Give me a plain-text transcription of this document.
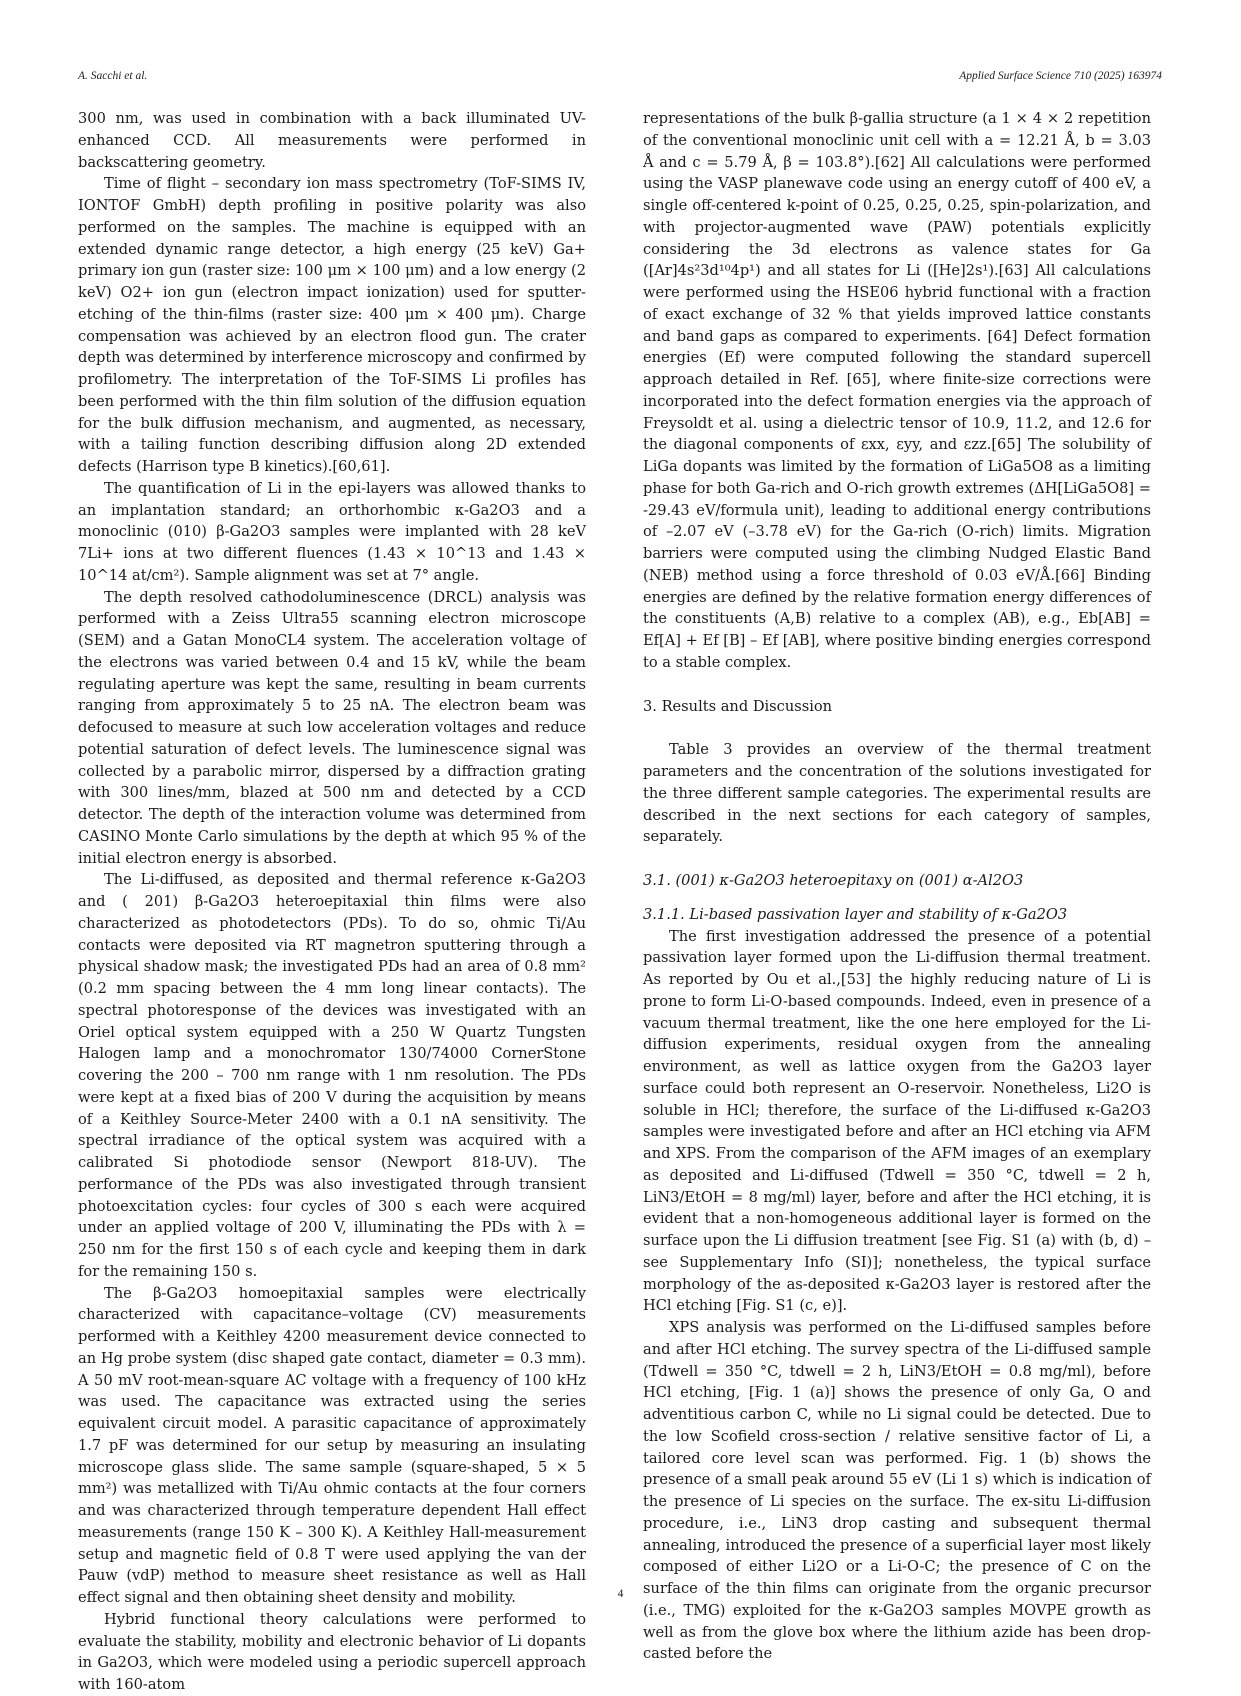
A. Sacchi et al.	Applied Surface Science 710 (2025) 163974

300 nm, was used in combination with a back illuminated UV-enhanced CCD. All measurements were performed in backscattering geometry.

Time of flight – secondary ion mass spectrometry (ToF-SIMS IV, IONTOF GmbH) depth profiling in positive polarity was also performed on the samples. The machine is equipped with an extended dynamic range detector, a high energy (25 keV) Ga+ primary ion gun (raster size: 100 μm × 100 μm) and a low energy (2 keV) O2+ ion gun (electron impact ionization) used for sputter-etching of the thin-films (raster size: 400 μm × 400 μm). Charge compensation was achieved by an electron flood gun. The crater depth was determined by interference microscopy and confirmed by profilometry. The interpretation of the ToF-SIMS Li profiles has been performed with the thin film solution of the diffusion equation for the bulk diffusion mechanism, and augmented, as necessary, with a tailing function describing diffusion along 2D extended defects (Harrison type B kinetics).[60,61].

The quantification of Li in the epi-layers was allowed thanks to an implantation standard; an orthorhombic κ-Ga2O3 and a monoclinic (010) β-Ga2O3 samples were implanted with 28 keV 7Li+ ions at two different fluences (1.43 × 10^13 and 1.43 × 10^14 at/cm²). Sample alignment was set at 7° angle.

The depth resolved cathodoluminescence (DRCL) analysis was performed with a Zeiss Ultra55 scanning electron microscope (SEM) and a Gatan MonoCL4 system. The acceleration voltage of the electrons was varied between 0.4 and 15 kV, while the beam regulating aperture was kept the same, resulting in beam currents ranging from approximately 5 to 25 nA. The electron beam was defocused to measure at such low acceleration voltages and reduce potential saturation of defect levels. The luminescence signal was collected by a parabolic mirror, dispersed by a diffraction grating with 300 lines/mm, blazed at 500 nm and detected by a CCD detector. The depth of the interaction volume was determined from CASINO Monte Carlo simulations by the depth at which 95 % of the initial electron energy is absorbed.

The Li-diffused, as deposited and thermal reference κ-Ga2O3 and ( 201) β-Ga2O3 heteroepitaxial thin films were also characterized as photodetectors (PDs). To do so, ohmic Ti/Au contacts were deposited via RT magnetron sputtering through a physical shadow mask; the investigated PDs had an area of 0.8 mm² (0.2 mm spacing between the 4 mm long linear contacts). The spectral photoresponse of the devices was investigated with an Oriel optical system equipped with a 250 W Quartz Tungsten Halogen lamp and a monochromator 130/74000 CornerStone covering the 200 – 700 nm range with 1 nm resolution. The PDs were kept at a fixed bias of 200 V during the acquisition by means of a Keithley Source-Meter 2400 with a 0.1 nA sensitivity. The spectral irradiance of the optical system was acquired with a calibrated Si photodiode sensor (Newport 818-UV). The performance of the PDs was also investigated through transient photoexcitation cycles: four cycles of 300 s each were acquired under an applied voltage of 200 V, illuminating the PDs with λ = 250 nm for the first 150 s of each cycle and keeping them in dark for the remaining 150 s.

The β-Ga2O3 homoepitaxial samples were electrically characterized with capacitance–voltage (CV) measurements performed with a Keithley 4200 measurement device connected to an Hg probe system (disc shaped gate contact, diameter = 0.3 mm). A 50 mV root-mean-square AC voltage with a frequency of 100 kHz was used. The capacitance was extracted using the series equivalent circuit model. A parasitic capacitance of approximately 1.7 pF was determined for our setup by measuring an insulating microscope glass slide. The same sample (square-shaped, 5 × 5 mm²) was metallized with Ti/Au ohmic contacts at the four corners and was characterized through temperature dependent Hall effect measurements (range 150 K – 300 K). A Keithley Hall-measurement setup and magnetic field of 0.8 T were used applying the van der Pauw (vdP) method to measure sheet resistance as well as Hall effect signal and then obtaining sheet density and mobility.

Hybrid functional theory calculations were performed to evaluate the stability, mobility and electronic behavior of Li dopants in Ga2O3, which were modeled using a periodic supercell approach with 160-atom

representations of the bulk β-gallia structure (a 1 × 4 × 2 repetition of the conventional monoclinic unit cell with a = 12.21 Å, b = 3.03 Å and c = 5.79 Å, β = 103.8°).[62] All calculations were performed using the VASP planewave code using an energy cutoff of 400 eV, a single off-centered k-point of 0.25, 0.25, 0.25, spin-polarization, and with projector-augmented wave (PAW) potentials explicitly considering the 3d electrons as valence states for Ga ([Ar]4s²3d¹⁰4p¹) and all states for Li ([He]2s¹).[63] All calculations were performed using the HSE06 hybrid functional with a fraction of exact exchange of 32 % that yields improved lattice constants and band gaps as compared to experiments. [64] Defect formation energies (Ef) were computed following the standard supercell approach detailed in Ref. [65], where finite-size corrections were incorporated into the defect formation energies via the approach of Freysoldt et al. using a dielectric tensor of 10.9, 11.2, and 12.6 for the diagonal components of εxx, εyy, and εzz.[65] The solubility of LiGa dopants was limited by the formation of LiGa5O8 as a limiting phase for both Ga-rich and O-rich growth extremes (ΔH[LiGa5O8] = -29.43 eV/formula unit), leading to additional energy contributions of –2.07 eV (–3.78 eV) for the Ga-rich (O-rich) limits. Migration barriers were computed using the climbing Nudged Elastic Band (NEB) method using a force threshold of 0.03 eV/Å.[66] Binding energies are defined by the relative formation energy differences of the constituents (A,B) relative to a complex (AB), e.g., Eb[AB] = Ef[A] + Ef [B] – Ef [AB], where positive binding energies correspond to a stable complex.

3. Results and Discussion

Table 3 provides an overview of the thermal treatment parameters and the concentration of the solutions investigated for the three different sample categories. The experimental results are described in the next sections for each category of samples, separately.

3.1. (001) κ-Ga2O3 heteroepitaxy on (001) α-Al2O3
3.1.1. Li-based passivation layer and stability of κ-Ga2O3

The first investigation addressed the presence of a potential passivation layer formed upon the Li-diffusion thermal treatment. As reported by Ou et al.,[53] the highly reducing nature of Li is prone to form Li-O-based compounds. Indeed, even in presence of a vacuum thermal treatment, like the one here employed for the Li-diffusion experiments, residual oxygen from the annealing environment, as well as lattice oxygen from the Ga2O3 layer surface could both represent an O-reservoir. Nonetheless, Li2O is soluble in HCl; therefore, the surface of the Li-diffused κ-Ga2O3 samples were investigated before and after an HCl etching via AFM and XPS. From the comparison of the AFM images of an exemplary as deposited and Li-diffused (Tdwell = 350 °C, tdwell = 2 h, LiN3/EtOH = 8 mg/ml) layer, before and after the HCl etching, it is evident that a non-homogeneous additional layer is formed on the surface upon the Li diffusion treatment [see Fig. S1 (a) with (b, d) – see Supplementary Info (SI)]; nonetheless, the typical surface morphology of the as-deposited κ-Ga2O3 layer is restored after the HCl etching [Fig. S1 (c, e)].

XPS analysis was performed on the Li-diffused samples before and after HCl etching. The survey spectra of the Li-diffused sample (Tdwell = 350 °C, tdwell = 2 h, LiN3/EtOH = 0.8 mg/ml), before HCl etching, [Fig. 1 (a)] shows the presence of only Ga, O and adventitious carbon C, while no Li signal could be detected. Due to the low Scofield cross-section / relative sensitive factor of Li, a tailored core level scan was performed. Fig. 1 (b) shows the presence of a small peak around 55 eV (Li 1 s) which is indication of the presence of Li species on the surface. The ex-situ Li-diffusion procedure, i.e., LiN3 drop casting and subsequent thermal annealing, introduced the presence of a superficial layer most likely composed of either Li2O or a Li-O-C; the presence of C on the surface of the thin films can originate from the organic precursor (i.e., TMG) exploited for the κ-Ga2O3 samples MOVPE growth as well as from the glove box where the lithium azide has been drop-casted before the

4
